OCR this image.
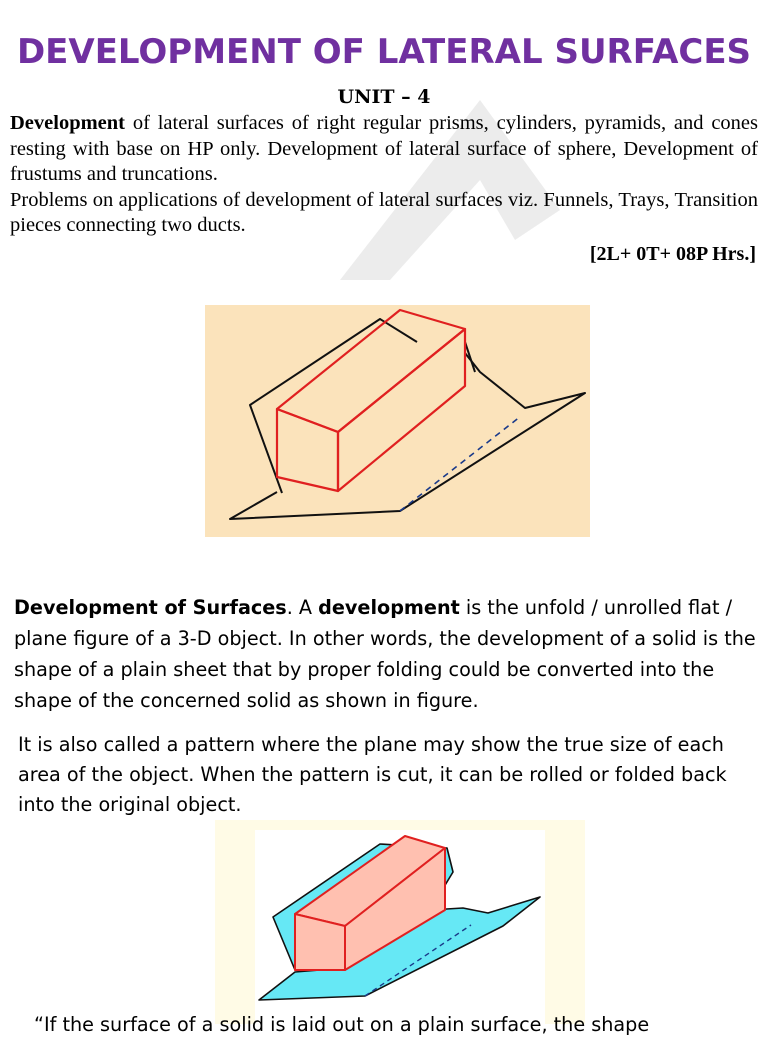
DEVELOPMENT OF LATERAL SURFACES
UNIT – 4

Development of lateral surfaces of right regular prisms, cylinders, pyramids, and cones resting with base on HP only. Development of lateral surface of sphere, Development of frustums and truncations.

Problems on applications of development of lateral surfaces viz. Funnels, Trays, Transition pieces connecting two ducts.

[2L+ 0T+ 08P Hrs.]
Development of Surfaces. A development is the unfold / unrolled flat / plane figure of a 3-D object. In other words, the development of a solid is the shape of a plain sheet that by proper folding could be converted into the shape of the concerned solid as shown in figure.
It is also called a pattern where the plane may show the true size of each area of the object. When the pattern is cut, it can be rolled or folded back into the original object.
“If the surface of a solid is laid out on a plain surface, the shape
